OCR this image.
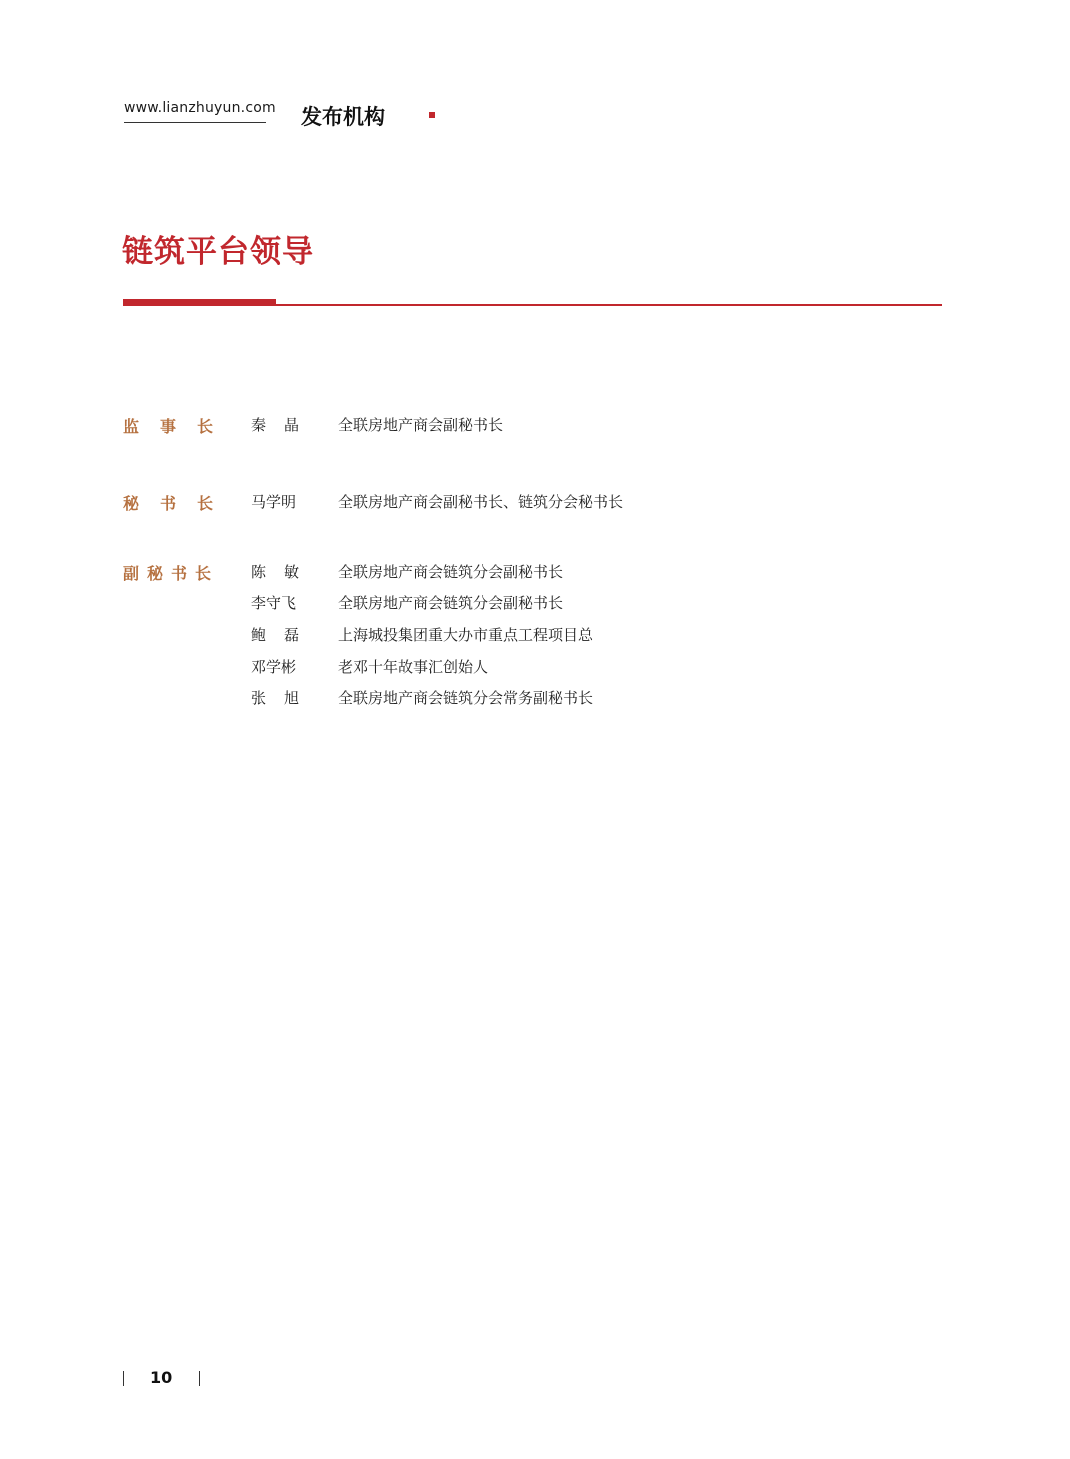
www.lianzhuyun.com 发布机构
链筑平台领导
监 事 长	秦 晶	全联房地产商会副秘书长
秘 书 长	马学明	全联房地产商会副秘书长、链筑分会秘书长
副 秘 书 长	陈 敏	全联房地产商会链筑分会副秘书长
李守飞	全联房地产商会链筑分会副秘书长
鲍 磊	上海城投集团重大办市重点工程项目总
邓学彬	老邓十年故事汇创始人
张 旭	全联房地产商会链筑分会常务副秘书长
10
